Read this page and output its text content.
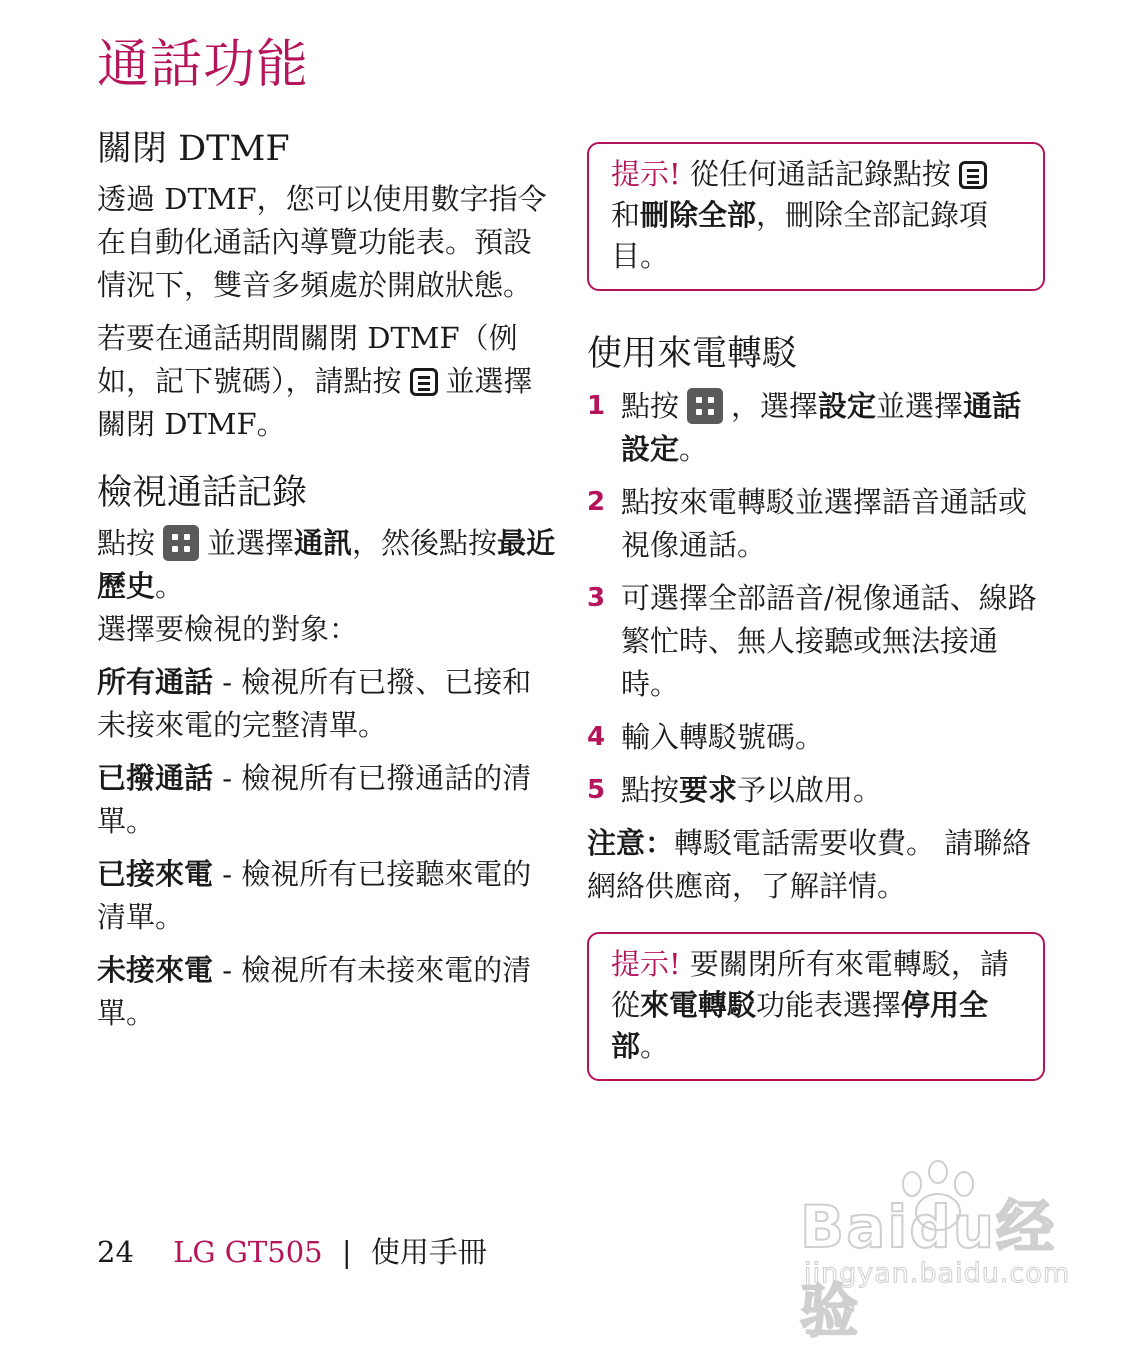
通話功能
關閉 DTMF

透過 DTMF，您可以使用數字指令在自動化通話內導覽功能表。預設情況下，雙音多頻處於開啟狀態。

若要在通話期間關閉 DTMF（例如，記下號碼），請點按 並選擇關閉 DTMF。

檢視通話記錄

點按 並選擇通訊，然後點按最近歷史。

選擇要檢視的對象：

所有通話 - 檢視所有已撥、已接和未接來電的完整清單。

已撥通話 - 檢視所有已撥通話的清單。

已接來電 - 檢視所有已接聽來電的清單。

未接來電 - 檢視所有未接來電的清單。

提示! 從任何通話記錄點按和刪除全部，刪除全部記錄項目。

使用來電轉駁
1 點按 ，選擇設定並選擇通話設定。
2 點按來電轉駁並選擇語音通話或視像通話。
3 可選擇全部語音/視像通話、線路繁忙時、無人接聽或無法接通時。
4 輸入轉駁號碼。
5 點按要求予以啟用。

注意：轉駁電話需要收費。 請聯絡網絡供應商，了解詳情。

提示! 要關閉所有來電轉駁，請從來電轉駁功能表選擇停用全部。

24 LG GT505 | 使用手冊	Baidu经验
jingyan.baidu.com
